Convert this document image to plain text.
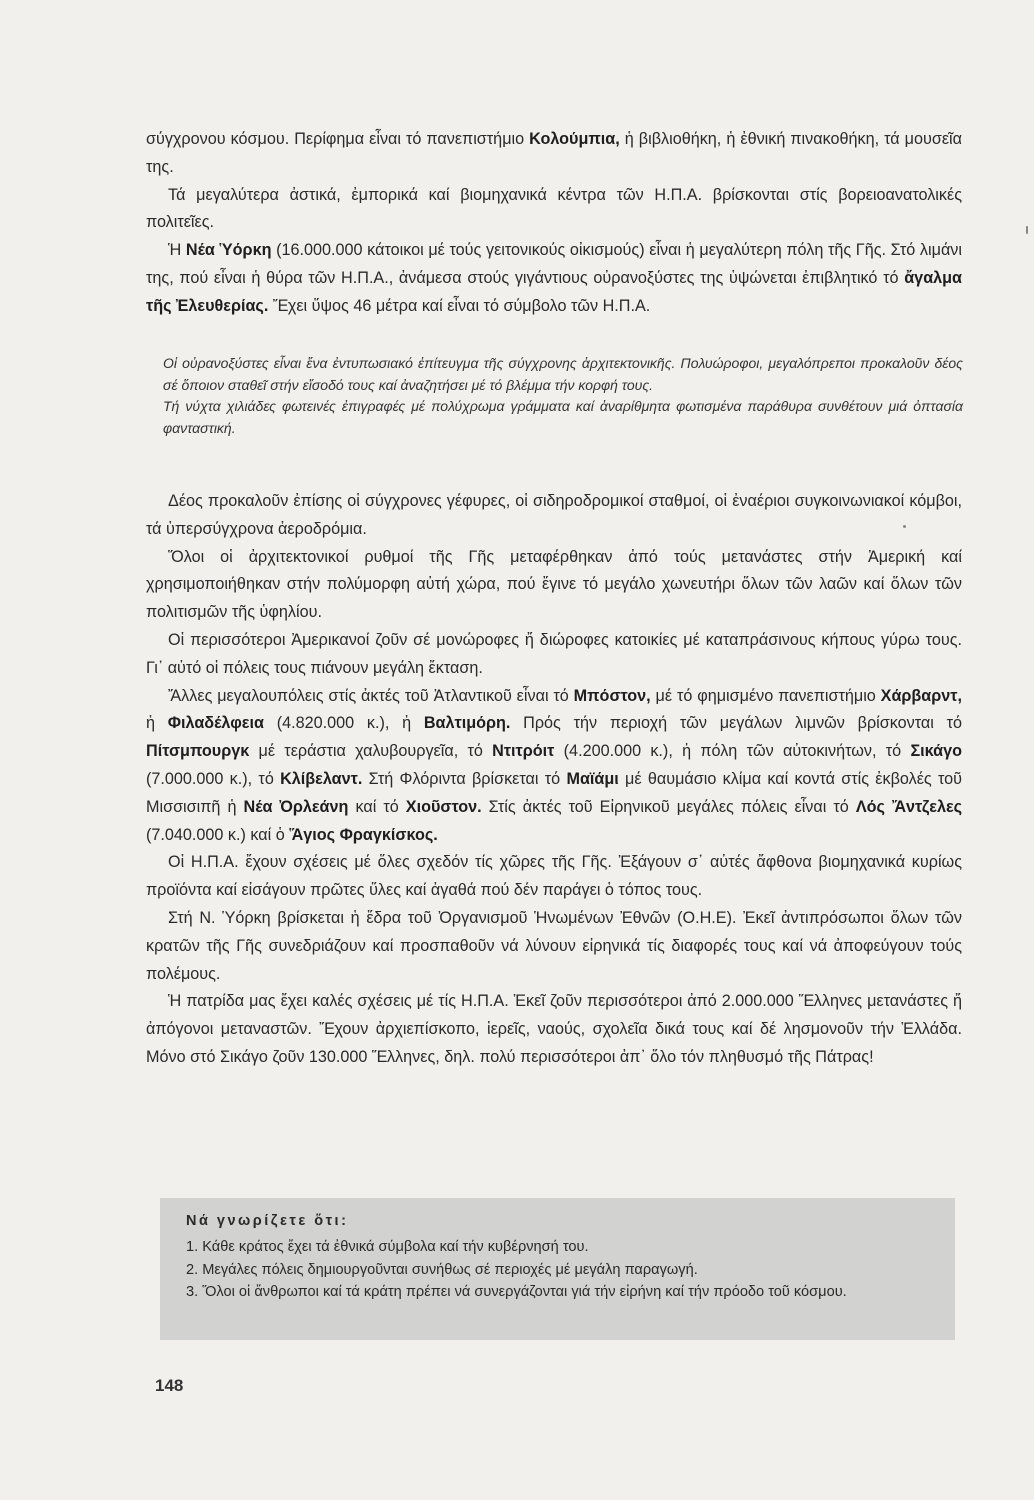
σύγχρονου κόσμου. Περίφημα εἶναι τό πανεπιστήμιο Κολούμπια, ἡ βιβλιοθήκη, ἡ ἐθνική πινακοθήκη, τά μουσεῖα της.

Τά μεγαλύτερα ἀστικά, ἐμπορικά καί βιομηχανικά κέντρα τῶν Η.Π.Α. βρίσκονται στίς βορειοανατολικές πολιτεῖες.

Ἡ Νέα Ὑόρκη (16.000.000 κάτοικοι μέ τούς γειτονικούς οἰκισμούς) εἶναι ἡ μεγαλύτερη πόλη τῆς Γῆς. Στό λιμάνι της, πού εἶναι ἡ θύρα τῶν Η.Π.Α., ἀνάμεσα στούς γιγάντιους οὐρανοξύστες της ὑψώνεται ἐπιβλητικό τό ἄγαλμα τῆς Ἐλευθερίας. Ἔχει ὕψος 46 μέτρα καί εἶναι τό σύμβολο τῶν Η.Π.Α.

Οἱ οὐρανοξύστες εἶναι ἕνα ἐντυπωσιακό ἐπίτευγμα τῆς σύγχρονης ἀρχιτεκτονικῆς. Πολυώροφοι, μεγαλόπρεποι προκαλοῦν δέος σέ ὅποιον σταθεῖ στήν εἴσοδό τους καί ἀναζητήσει μέ τό βλέμμα τήν κορφή τους.

Τή νύχτα χιλιάδες φωτεινές ἐπιγραφές μέ πολύχρωμα γράμματα καί ἀναρίθμητα φωτισμένα παράθυρα συνθέτουν μιά ὀπτασία φανταστική.

Δέος προκαλοῦν ἐπίσης οἱ σύγχρονες γέφυρες, οἱ σιδηροδρομικοί σταθμοί, οἱ ἐναέριοι συγκοινωνιακοί κόμβοι, τά ὑπερσύγχρονα ἀεροδρόμια.

Ὅλοι οἱ ἀρχιτεκτονικοί ρυθμοί τῆς Γῆς μεταφέρθηκαν ἀπό τούς μετανάστες στήν Ἀμερική καί χρησιμοποιήθηκαν στήν πολύμορφη αὐτή χώρα, πού ἔγινε τό μεγάλο χωνευτήρι ὅλων τῶν λαῶν καί ὅλων τῶν πολιτισμῶν τῆς ὑφηλίου.

Οἱ περισσότεροι Ἀμερικανοί ζοῦν σέ μονώροφες ἤ διώροφες κατοικίες μέ καταπράσινους κήπους γύρω τους. Γι᾿ αὐτό οἱ πόλεις τους πιάνουν μεγάλη ἔκταση.

Ἄλλες μεγαλουπόλεις στίς ἀκτές τοῦ Ἀτλαντικοῦ εἶναι τό Μπόστον, μέ τό φημισμένο πανεπιστήμιο Χάρβαρντ, ἡ Φιλαδέλφεια (4.820.000 κ.), ἡ Βαλτιμόρη. Πρός τήν περιοχή τῶν μεγάλων λιμνῶν βρίσκονται τό Πίτσμπουργκ μέ τεράστια χαλυβουργεῖα, τό Ντιτρόιτ (4.200.000 κ.), ἡ πόλη τῶν αὐτοκινήτων, τό Σικάγο (7.000.000 κ.), τό Κλίβελαντ. Στή Φλόριντα βρίσκεται τό Μαϊάμι μέ θαυμάσιο κλίμα καί κοντά στίς ἐκβολές τοῦ Μισσισιπῆ ἡ Νέα Ὀρλεάνη καί τό Χιοῦστον. Στίς ἀκτές τοῦ Εἰρηνικοῦ μεγάλες πόλεις εἶναι τό Λός Ἄντζελες (7.040.000 κ.) καί ὁ Ἅγιος Φραγκίσκος.

Οἱ Η.Π.Α. ἔχουν σχέσεις μέ ὅλες σχεδόν τίς χῶρες τῆς Γῆς. Ἐξάγουν σ᾿ αὐτές ἄφθονα βιομηχανικά κυρίως προϊόντα καί εἰσάγουν πρῶτες ὕλες καί ἀγαθά πού δέν παράγει ὁ τόπος τους.

Στή Ν. Ὑόρκη βρίσκεται ἡ ἕδρα τοῦ Ὀργανισμοῦ Ἡνωμένων Ἐθνῶν (Ο.Η.Ε). Ἐκεῖ ἀντιπρόσωποι ὅλων τῶν κρατῶν τῆς Γῆς συνεδριάζουν καί προσπαθοῦν νά λύνουν εἰρηνικά τίς διαφορές τους καί νά ἀποφεύγουν τούς πολέμους.

Ἡ πατρίδα μας ἔχει καλές σχέσεις μέ τίς Η.Π.Α. Ἐκεῖ ζοῦν περισσότεροι ἀπό 2.000.000 Ἕλληνες μετανάστες ἤ ἀπόγονοι μεταναστῶν. Ἔχουν ἀρχιεπίσκοπο, ἱερεῖς, ναούς, σχολεῖα δικά τους καί δέ λησμονοῦν τήν Ἑλλάδα. Μόνο στό Σικάγο ζοῦν 130.000 Ἕλληνες, δηλ. πολύ περισσότεροι ἀπ᾿ ὅλο τόν πληθυσμό τῆς Πάτρας!

Νά γνωρίζετε ὅτι:
1. Κάθε κράτος ἔχει τά ἐθνικά σύμβολα καί τήν κυβέρνησή του.
2. Μεγάλες πόλεις δημιουργοῦνται συνήθως σέ περιοχές μέ μεγάλη παραγωγή.
3. Ὅλοι οἱ ἄνθρωποι καί τά κράτη πρέπει νά συνεργάζονται γιά τήν εἰρήνη καί τήν πρόοδο τοῦ κόσμου.
148
